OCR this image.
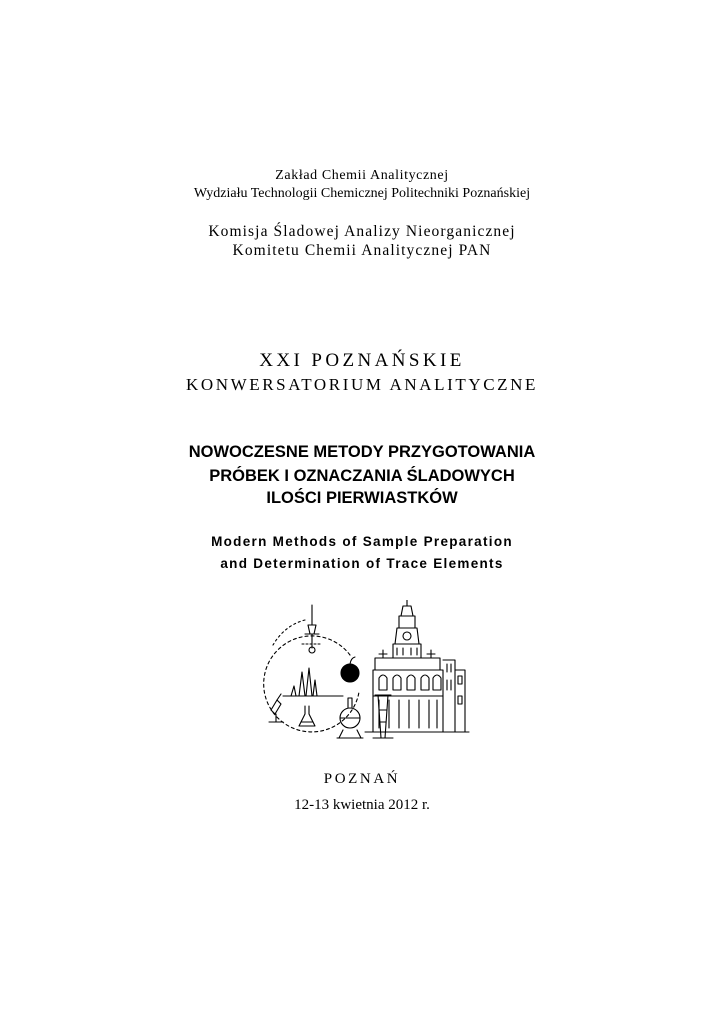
Zakład Chemii Analitycznej
Wydziału Technologii Chemicznej Politechniki Poznańskiej
Komisja Śladowej Analizy Nieorganicznej
Komitetu Chemii Analitycznej PAN
XXI POZNAŃSKIE
KONWERSATORIUM ANALITYCZNE
NOWOCZESNE METODY PRZYGOTOWANIA
PRÓBEK I OZNACZANIA ŚLADOWYCH
ILOŚCI PIERWIASTKÓW
Modern Methods of Sample Preparation
and Determination of Trace Elements
POZNAŃ
12-13 kwietnia 2012 r.
